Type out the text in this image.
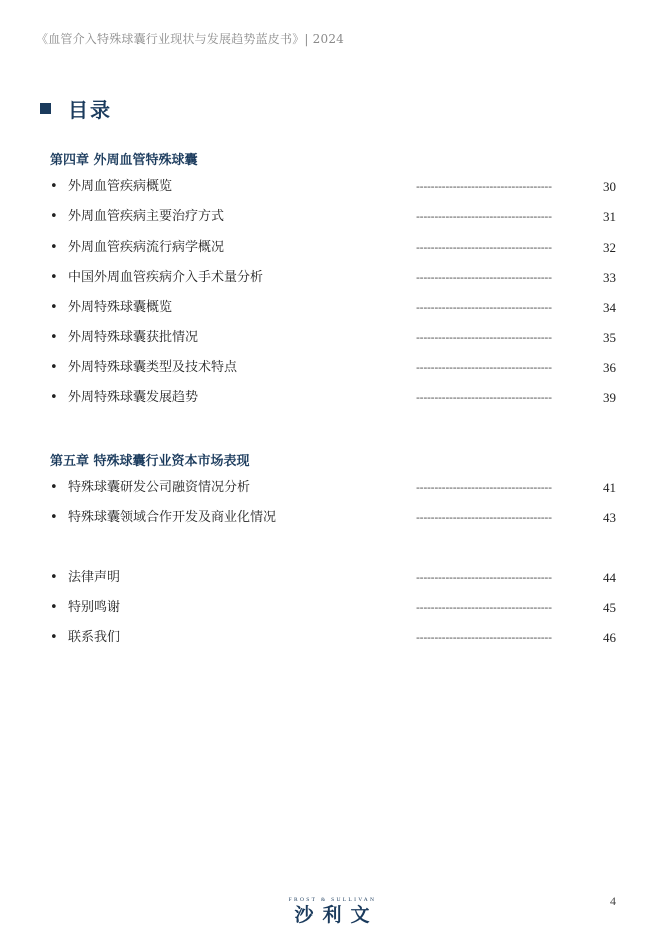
《血管介入特殊球囊行业现状与发展趋势蓝皮书》| 2024
目录
第四章 外周血管特殊球囊
• 外周血管疾病概览	-------------------------------------	30
• 外周血管疾病主要治疗方式	-------------------------------------	31
• 外周血管疾病流行病学概况	-------------------------------------	32
• 中国外周血管疾病介入手术量分析	-------------------------------------	33
• 外周特殊球囊概览	-------------------------------------	34
• 外周特殊球囊获批情况	-------------------------------------	35
• 外周特殊球囊类型及技术特点	-------------------------------------	36
• 外周特殊球囊发展趋势	-------------------------------------	39
第五章 特殊球囊行业资本市场表现
• 特殊球囊研发公司融资情况分析	-------------------------------------	41
• 特殊球囊领域合作开发及商业化情况	-------------------------------------	43
• 法律声明	-------------------------------------	44
• 特别鸣谢	-------------------------------------	45
• 联系我们	-------------------------------------	46
FROST & SULLIVAN
沙利文
4
